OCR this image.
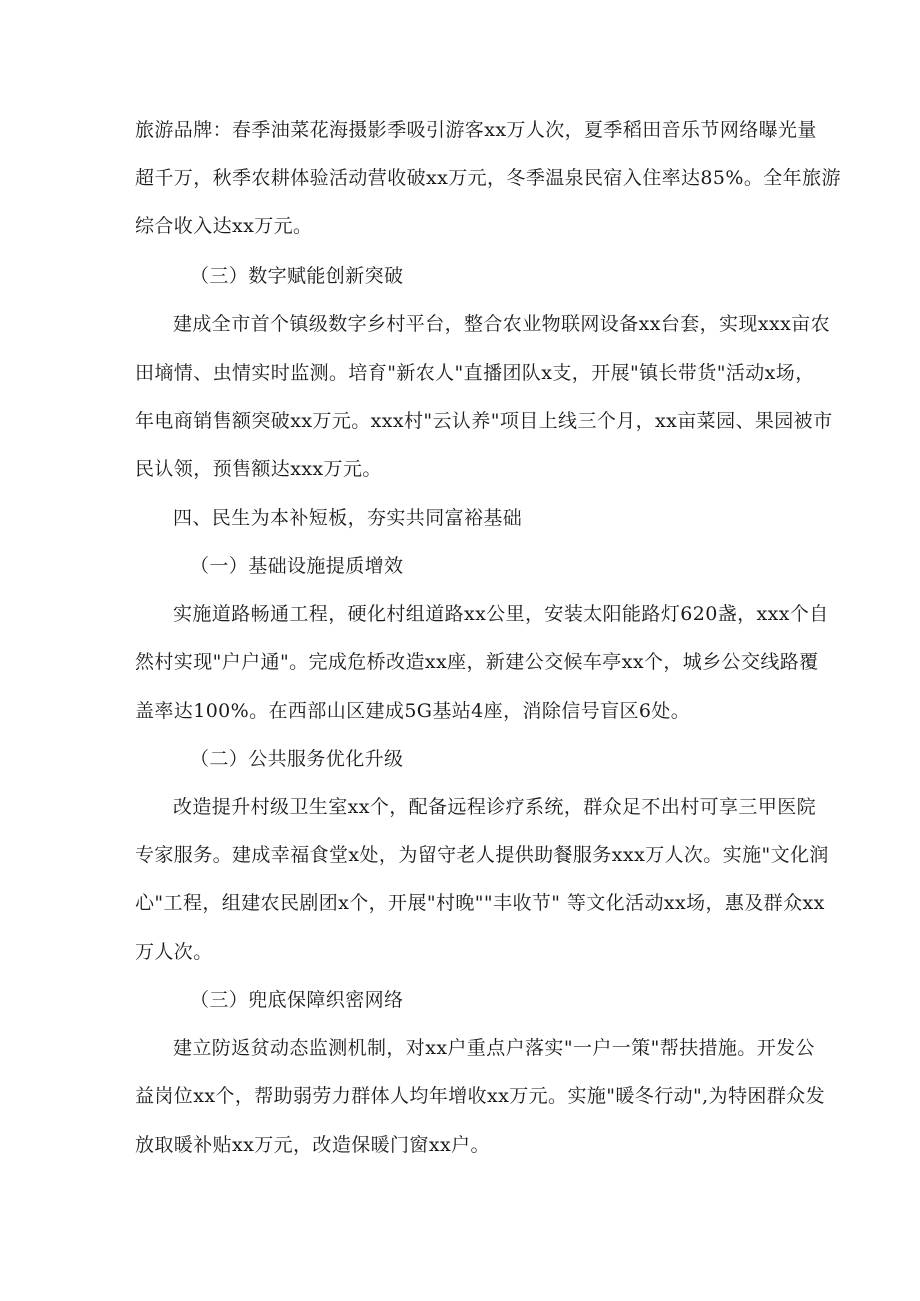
旅游品牌：春季油菜花海摄影季吸引游客xx万人次，夏季稻田音乐节网络曝光量
超千万，秋季农耕体验活动营收破xx万元，冬季温泉民宿入住率达85%。全年旅游
综合收入达xx万元。
（三）数字赋能创新突破
建成全市首个镇级数字乡村平台，整合农业物联网设备xx台套，实现xxx亩农
田墒情、虫情实时监测。培育"新农人"直播团队x支，开展"镇长带货"活动x场，
年电商销售额突破xx万元。xxx村"云认养"项目上线三个月，xx亩菜园、果园被市
民认领，预售额达xxx万元。
四、民生为本补短板，夯实共同富裕基础
（一）基础设施提质增效
实施道路畅通工程，硬化村组道路xx公里，安装太阳能路灯620盏，xxx个自
然村实现"户户通"。完成危桥改造xx座，新建公交候车亭xx个，城乡公交线路覆
盖率达100%。在西部山区建成5G基站4座，消除信号盲区6处。
（二）公共服务优化升级
改造提升村级卫生室xx个，配备远程诊疗系统，群众足不出村可享三甲医院
专家服务。建成幸福食堂x处，为留守老人提供助餐服务xxx万人次。实施"文化润
心"工程，组建农民剧团x个，开展"村晚""丰收节" 等文化活动xx场，惠及群众xx
万人次。
（三）兜底保障织密网络
建立防返贫动态监测机制，对xx户重点户落实"一户一策"帮扶措施。开发公
益岗位xx个，帮助弱劳力群体人均年增收xx万元。实施"暖冬行动",为特困群众发
放取暖补贴xx万元，改造保暖门窗xx户。
